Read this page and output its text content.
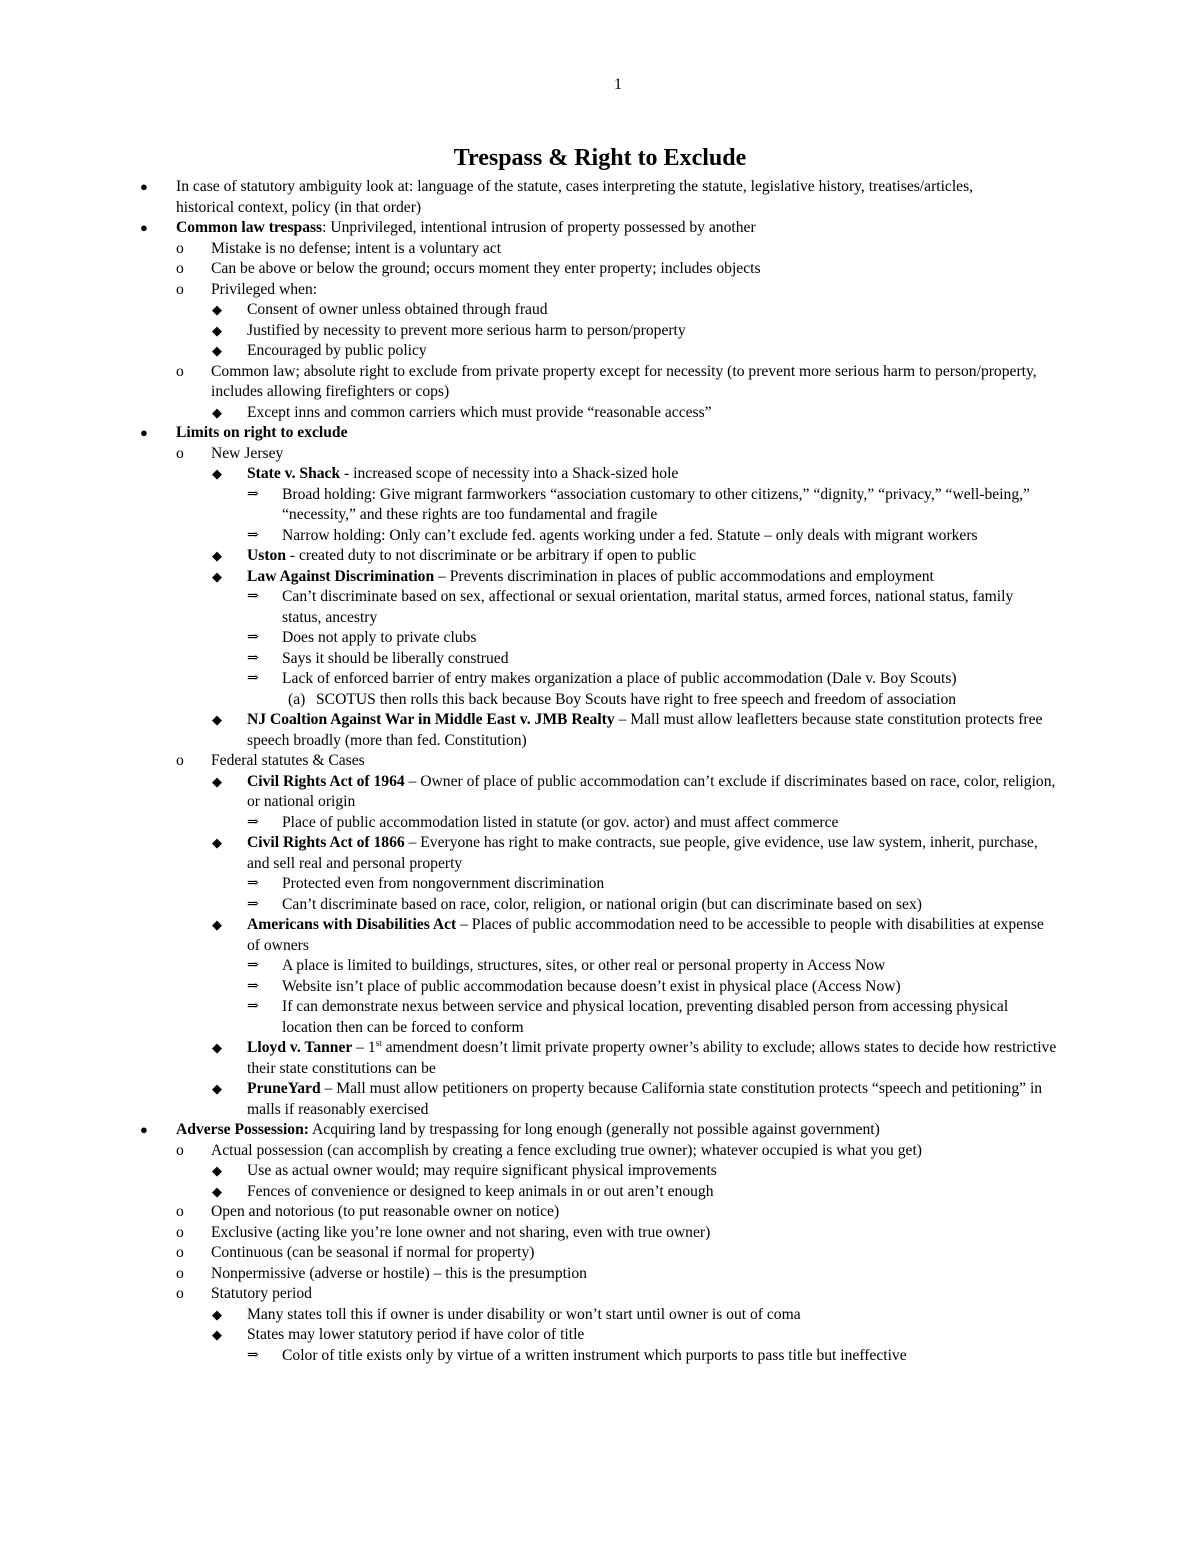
1
Trespass & Right to Exclude
●	In case of statutory ambiguity look at: language of the statute, cases interpreting the statute, legislative history, treatises/articles, historical context, policy (in that order)
●	Common law trespass: Unprivileged, intentional intrusion of property possessed by another
o	Mistake is no defense; intent is a voluntary act
o	Can be above or below the ground; occurs moment they enter property; includes objects
o	Privileged when:
◆	Consent of owner unless obtained through fraud
◆	Justified by necessity to prevent more serious harm to person/property
◆	Encouraged by public policy
o	Common law; absolute right to exclude from private property except for necessity (to prevent more serious harm to person/property, includes allowing firefighters or cops)
◆	Except inns and common carriers which must provide “reasonable access”
●	Limits on right to exclude
o	New Jersey
◆	State v. Shack - increased scope of necessity into a Shack-sized hole
⇒	Broad holding: Give migrant farmworkers “association customary to other citizens,” “dignity,” “privacy,” “well-being,” “necessity,” and these rights are too fundamental and fragile
⇒	Narrow holding: Only can’t exclude fed. agents working under a fed. Statute – only deals with migrant workers
◆	Uston - created duty to not discriminate or be arbitrary if open to public
◆	Law Against Discrimination – Prevents discrimination in places of public accommodations and employment
⇒	Can’t discriminate based on sex, affectional or sexual orientation, marital status, armed forces, national status, family status, ancestry
⇒	Does not apply to private clubs
⇒	Says it should be liberally construed
⇒	Lack of enforced barrier of entry makes organization a place of public accommodation (Dale v. Boy Scouts)
(a) SCOTUS then rolls this back because Boy Scouts have right to free speech and freedom of association
◆	NJ Coaltion Against War in Middle East v. JMB Realty – Mall must allow leafletters because state constitution protects free speech broadly (more than fed. Constitution)
o	Federal statutes & Cases
◆	Civil Rights Act of 1964 – Owner of place of public accommodation can’t exclude if discriminates based on race, color, religion, or national origin
⇒	Place of public accommodation listed in statute (or gov. actor) and must affect commerce
◆	Civil Rights Act of 1866 – Everyone has right to make contracts, sue people, give evidence, use law system, inherit, purchase, and sell real and personal property
⇒	Protected even from nongovernment discrimination
⇒	Can’t discriminate based on race, color, religion, or national origin (but can discriminate based on sex)
◆	Americans with Disabilities Act – Places of public accommodation need to be accessible to people with disabilities at expense of owners
⇒	A place is limited to buildings, structures, sites, or other real or personal property in Access Now
⇒	Website isn’t place of public accommodation because doesn’t exist in physical place (Access Now)
⇒	If can demonstrate nexus between service and physical location, preventing disabled person from accessing physical location then can be forced to conform
◆	Lloyd v. Tanner – 1st amendment doesn’t limit private property owner’s ability to exclude; allows states to decide how restrictive their state constitutions can be
◆	PruneYard – Mall must allow petitioners on property because California state constitution protects “speech and petitioning” in malls if reasonably exercised
●	Adverse Possession: Acquiring land by trespassing for long enough (generally not possible against government)
o	Actual possession (can accomplish by creating a fence excluding true owner); whatever occupied is what you get)
◆	Use as actual owner would; may require significant physical improvements
◆	Fences of convenience or designed to keep animals in or out aren’t enough
o	Open and notorious (to put reasonable owner on notice)
o	Exclusive (acting like you’re lone owner and not sharing, even with true owner)
o	Continuous (can be seasonal if normal for property)
o	Nonpermissive (adverse or hostile) – this is the presumption
o	Statutory period
◆	Many states toll this if owner is under disability or won’t start until owner is out of coma
◆	States may lower statutory period if have color of title
⇒	Color of title exists only by virtue of a written instrument which purports to pass title but ineffective
